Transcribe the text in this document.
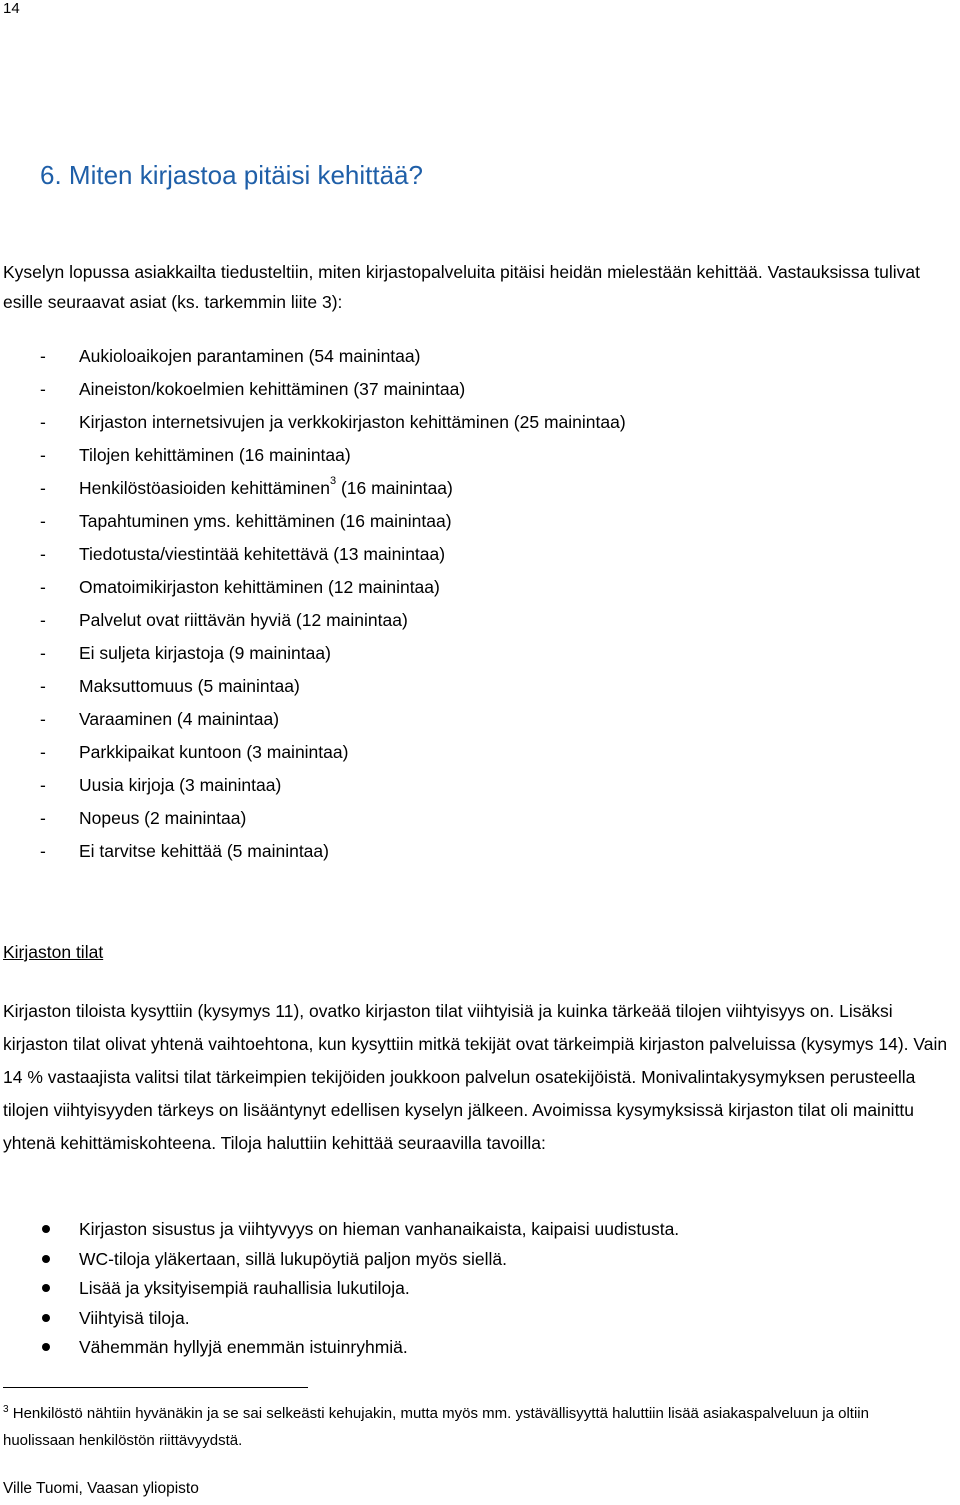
14
6. Miten kirjastoa pitäisi kehittää?

Kyselyn lopussa asiakkailta tiedusteltiin, miten kirjastopalveluita pitäisi heidän mielestään kehittää. Vastauksissa tulivat esille seuraavat asiat (ks. tarkemmin liite 3):

- Aukioloaikojen parantaminen (54 mainintaa)
- Aineiston/kokoelmien kehittäminen (37 mainintaa)
- Kirjaston internetsivujen ja verkkokirjaston kehittäminen (25 mainintaa)
- Tilojen kehittäminen (16 mainintaa)
- Henkilöstöasioiden kehittäminen$^3$ (16 mainintaa)
- Tapahtuminen yms. kehittäminen (16 mainintaa)
- Tiedotusta/viestintää kehitettävä (13 mainintaa)
- Omatoimikirjaston kehittäminen (12 mainintaa)
- Palvelut ovat riittävän hyviä (12 mainintaa)
- Ei suljeta kirjastoja (9 mainintaa)
- Maksuttomuus (5 mainintaa)
- Varaaminen (4 mainintaa)
- Parkkipaikat kuntoon (3 mainintaa)
- Uusia kirjoja (3 mainintaa)
- Nopeus (2 mainintaa)
- Ei tarvitse kehittää (5 mainintaa)
Kirjaston tilat

Kirjaston tiloista kysyttiin (kysymys 11), ovatko kirjaston tilat viihtyisiä ja kuinka tärkeää tilojen viihtyisyys on. Lisäksi kirjaston tilat olivat yhtenä vaihtoehtona, kun kysyttiin mitkä tekijät ovat tärkeimpiä kirjaston palveluissa (kysymys 14). Vain 14 % vastaajista valitsi tilat tärkeimpien tekijöiden joukkoon palvelun osatekijöistä. Monivalintakysymyksen perusteella tilojen viihtyisyyden tärkeys on lisääntynyt edellisen kyselyn jälkeen. Avoimissa kysymyksissä kirjaston tilat oli mainittu yhtenä kehittämiskohteena. Tiloja haluttiin kehittää seuraavilla tavoilla:

Kirjaston sisustus ja viihtyvyys on hieman vanhanaikaista, kaipaisi uudistusta.
WC-tiloja yläkertaan, sillä lukupöytiä paljon myös siellä.
Lisää ja yksityisempiä rauhallisia lukutiloja.
Viihtyisä tiloja.
Vähemmän hyllyjä enemmän istuinryhmiä.

$^3$ Henkilöstö nähtiin hyvänäkin ja se sai selkeästi kehujakin, mutta myös mm. ystävällisyyttä haluttiin lisää asiakaspalveluun ja oltiin huolissaan henkilöstön riittävyydstä.

Ville Tuomi, Vaasan yliopisto
